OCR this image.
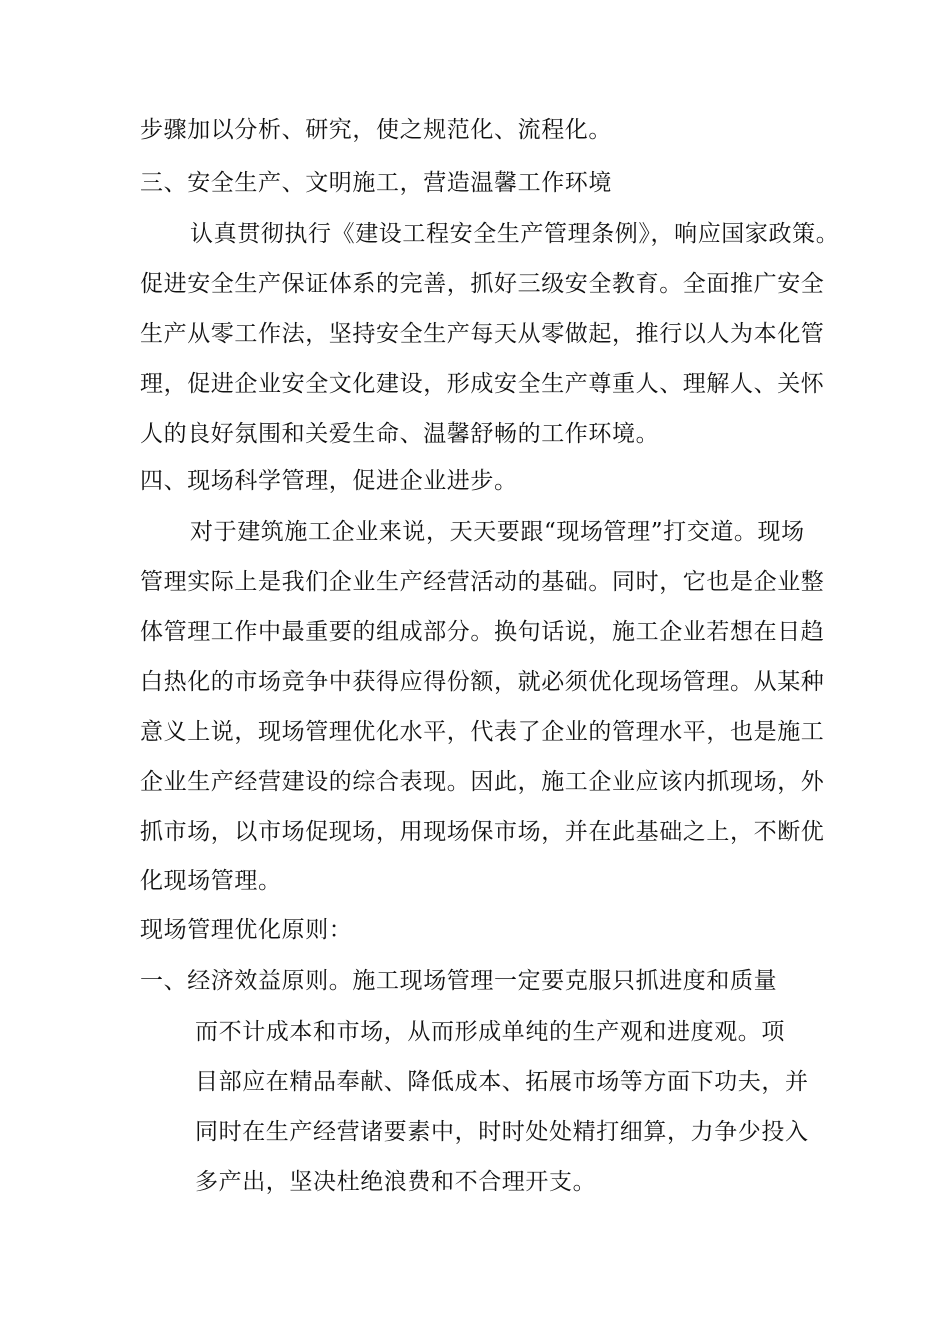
步骤加以分析、研究，使之规范化、流程化。
三、安全生产、文明施工，营造温馨工作环境
认真贯彻执行《建设工程安全生产管理条例》，响应国家政策。
促进安全生产保证体系的完善，抓好三级安全教育。全面推广安全
生产从零工作法，坚持安全生产每天从零做起，推行以人为本化管
理，促进企业安全文化建设，形成安全生产尊重人、理解人、关怀
人的良好氛围和关爱生命、温馨舒畅的工作环境。
四、现场科学管理，促进企业进步。
对于建筑施工企业来说，天天要跟“现场管理”打交道。现场
管理实际上是我们企业生产经营活动的基础。同时，它也是企业整
体管理工作中最重要的组成部分。换句话说，施工企业若想在日趋
白热化的市场竞争中获得应得份额，就必须优化现场管理。从某种
意义上说，现场管理优化水平，代表了企业的管理水平，也是施工
企业生产经营建设的综合表现。因此，施工企业应该内抓现场，外
抓市场，以市场促现场，用现场保市场，并在此基础之上，不断优
化现场管理。
现场管理优化原则：
一、经济效益原则。施工现场管理一定要克服只抓进度和质量
而不计成本和市场，从而形成单纯的生产观和进度观。项
目部应在精品奉献、降低成本、拓展市场等方面下功夫，并
同时在生产经营诸要素中，时时处处精打细算，力争少投入
多产出，坚决杜绝浪费和不合理开支。
